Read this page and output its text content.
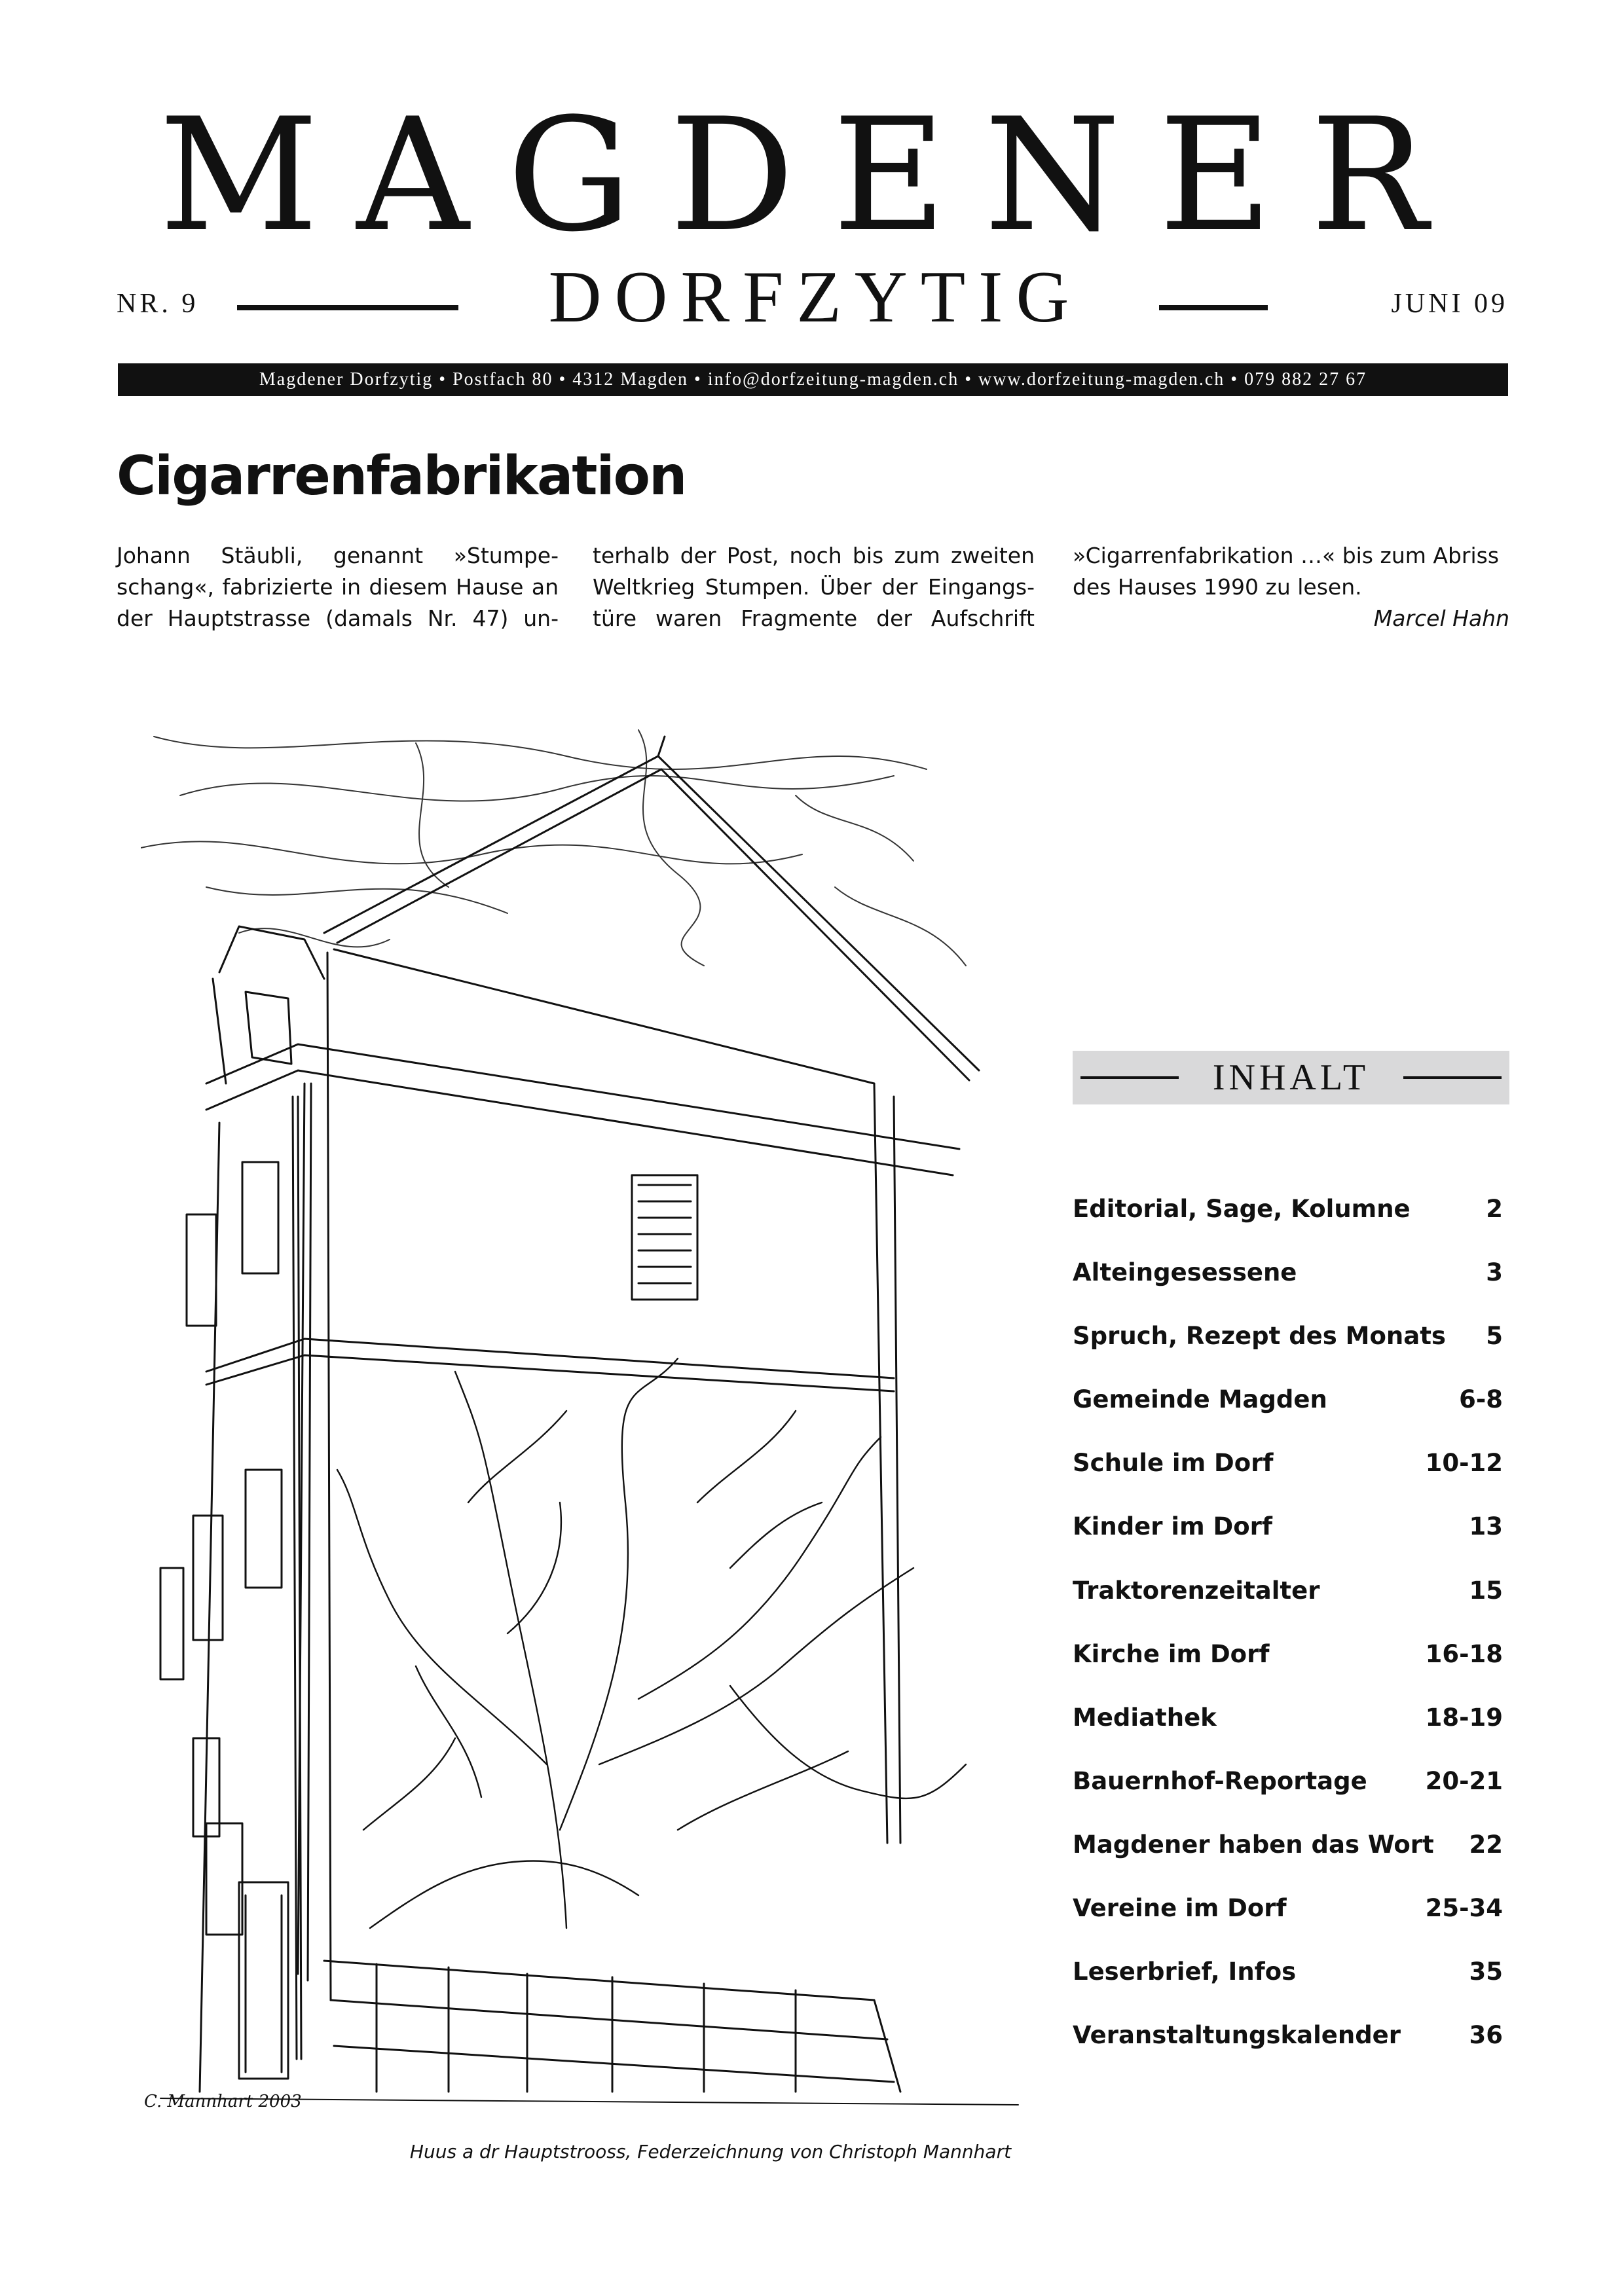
MAGDENER
NR. 9	DORFZYTIG	JUNI 09
Magdener Dorfzytig • Postfach 80 • 4312 Magden • info@dorfzeitung-magden.ch • www.dorfzeitung-magden.ch • 079 882 27 67
Cigarrenfabrikation
Johann Stäubli, genannt »Stumpe-schang«, fabrizierte in diesem Hause an der Hauptstrasse (damals Nr. 47) un-
terhalb der Post, noch bis zum zweiten Weltkrieg Stumpen. Über der Eingangs-türe waren Fragmente der Aufschrift
»Cigarrenfabrikation …« bis zum Abriss des Hauses 1990 zu lesen.
Marcel Hahn
C. Mannhart 2003
Huus a dr Hauptstrooss, Federzeichnung von Christoph Mannhart
INHALT
Editorial, Sage, Kolumne	2
Alteingesessene	3
Spruch, Rezept des Monats 5
Gemeinde Magden	6-8
Schule im Dorf	10-12
Kinder im Dorf	13
Traktorenzeitalter	15
Kirche im Dorf	16-18
Mediathek	18-19
Bauernhof-Reportage 20-21
Magdener haben das Wort 22
Vereine im Dorf	25-34
Leserbrief, Infos	35
Veranstaltungskalender	36
